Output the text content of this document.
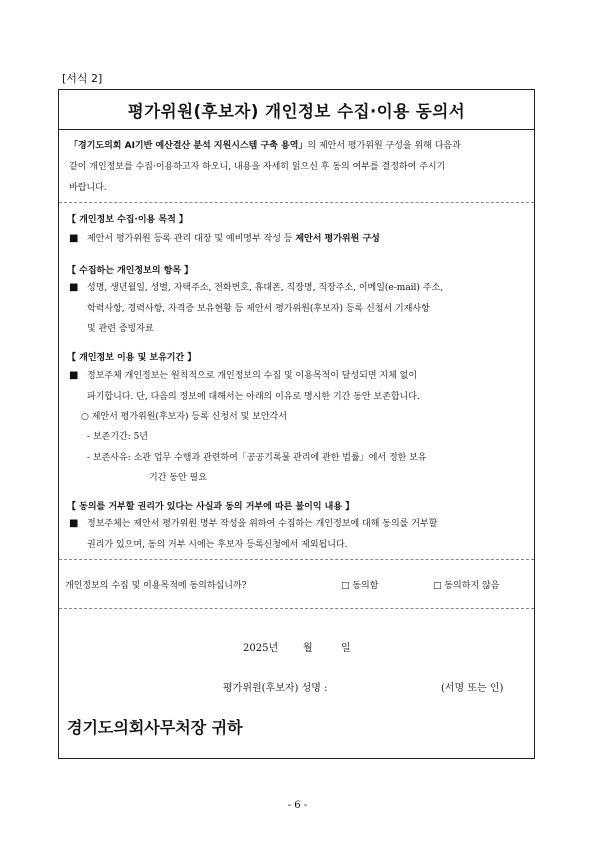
[서식 2]
평가위원(후보자) 개인정보 수집·이용 동의서
「경기도의회 AI기반 예산결산 분석 지원시스템 구축 용역」의 제안서 평가위원 구성을 위해 다음과
같이 개인정보를 수집·이용하고자 하오니, 내용을 자세히 읽으신 후 동의 여부를 결정하여 주시기
바랍니다.
【 개인정보 수집·이용 목적 】
■ 제안서 평가위원 등록 관리 대장 및 예비명부 작성 등 제안서 평가위원 구성
【 수집하는 개인정보의 항목 】
■ 성명, 생년월일, 성별, 자택주소, 전화번호, 휴대폰, 직장명, 직장주소, 이메일(e-mail) 주소,
학력사항, 경력사항, 자격증 보유현황 등 제안서 평가위원(후보자) 등록 신청서 기재사항
및 관련 증빙자료
【 개인정보 이용 및 보유기간 】
■ 정보주체 개인정보는 원칙적으로 개인정보의 수집 및 이용목적이 달성되면 지체 없이
파기합니다. 단, 다음의 정보에 대해서는 아래의 이유로 명시한 기간 동안 보존합니다.
○ 제안서 평가위원(후보자) 등록 신청서 및 보안각서
- 보존기간: 5년
- 보존사유: 소관 업무 수행과 관련하여「공공기록물 관리에 관한 법률」에서 정한 보유
기간 동안 필요
【 동의를 거부할 권리가 있다는 사실과 동의 거부에 따른 불이익 내용 】
■ 정보주체는 제안서 평가위원 명부 작성을 위하여 수집하는 개인정보에 대해 동의를 거부할
권리가 있으며, 동의 거부 시에는 후보자 등록신청에서 제외됩니다.
개인정보의 수집 및 이용목적에 동의하십니까?	□ 동의함	□ 동의하지 않음
2025년 월	일
평가위원(후보자) 성명 :	(서명 또는 인)
경기도의회사무처장 귀하
- 6 -
